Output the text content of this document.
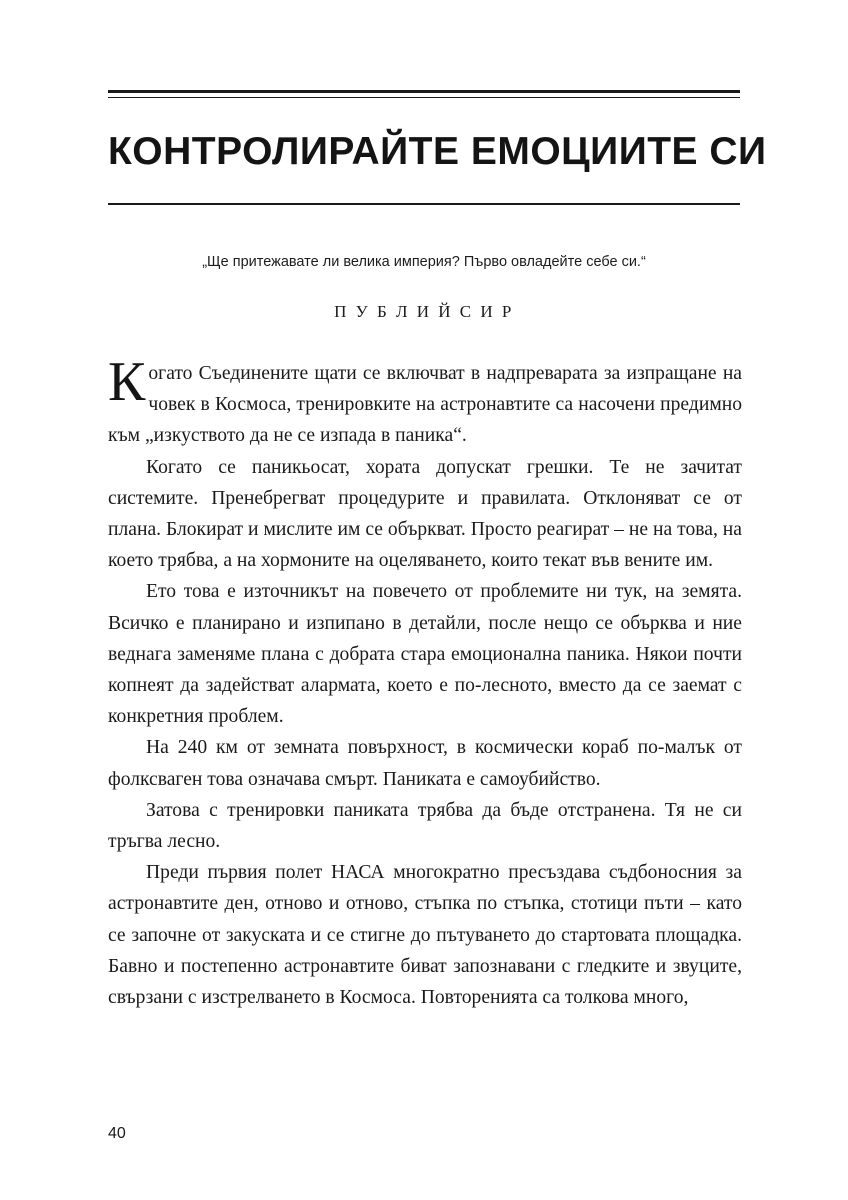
КОНТРОЛИРАЙТЕ ЕМОЦИИТЕ СИ
„Ще притежавате ли велика империя? Първо овладейте себе си.“
П У Б Л И Й С И Р

Когато Съединените щати се включват в надпреварата за изпращане на човек в Космоса, тренировките на астронавтите са насочени предимно към „изкуството да не се изпада в паника“.

Когато се паникьосат, хората допускат грешки. Те не зачитат системите. Пренебрегват процедурите и правилата. Отклоняват се от плана. Блокират и мислите им се объркват. Просто реагират – не на това, на което трябва, а на хормоните на оцеляването, които текат във вените им.

Ето това е източникът на повечето от проблемите ни тук, на земята. Всичко е планирано и изпипано в детайли, после нещо се обърква и ние веднага заменяме плана с добрата стара емоционална паника. Някои почти копнеят да задействат алармата, което е по-лесното, вместо да се заемат с конкретния проблем.

На 240 км от земната повърхност, в космически кораб по-малък от фолксваген това означава смърт. Паниката е самоубийство.

Затова с тренировки паниката трябва да бъде отстранена. Тя не си тръгва лесно.

Преди първия полет НАСА многократно пресъздава съдбоносния за астронавтите ден, отново и отново, стъпка по стъпка, стотици пъти – като се започне от закуската и се стигне до пътуването до стартовата площадка. Бавно и постепенно астронавтите биват запознавани с гледките и звуците, свързани с изстрелването в Космоса. Повторенията са толкова много,

40
